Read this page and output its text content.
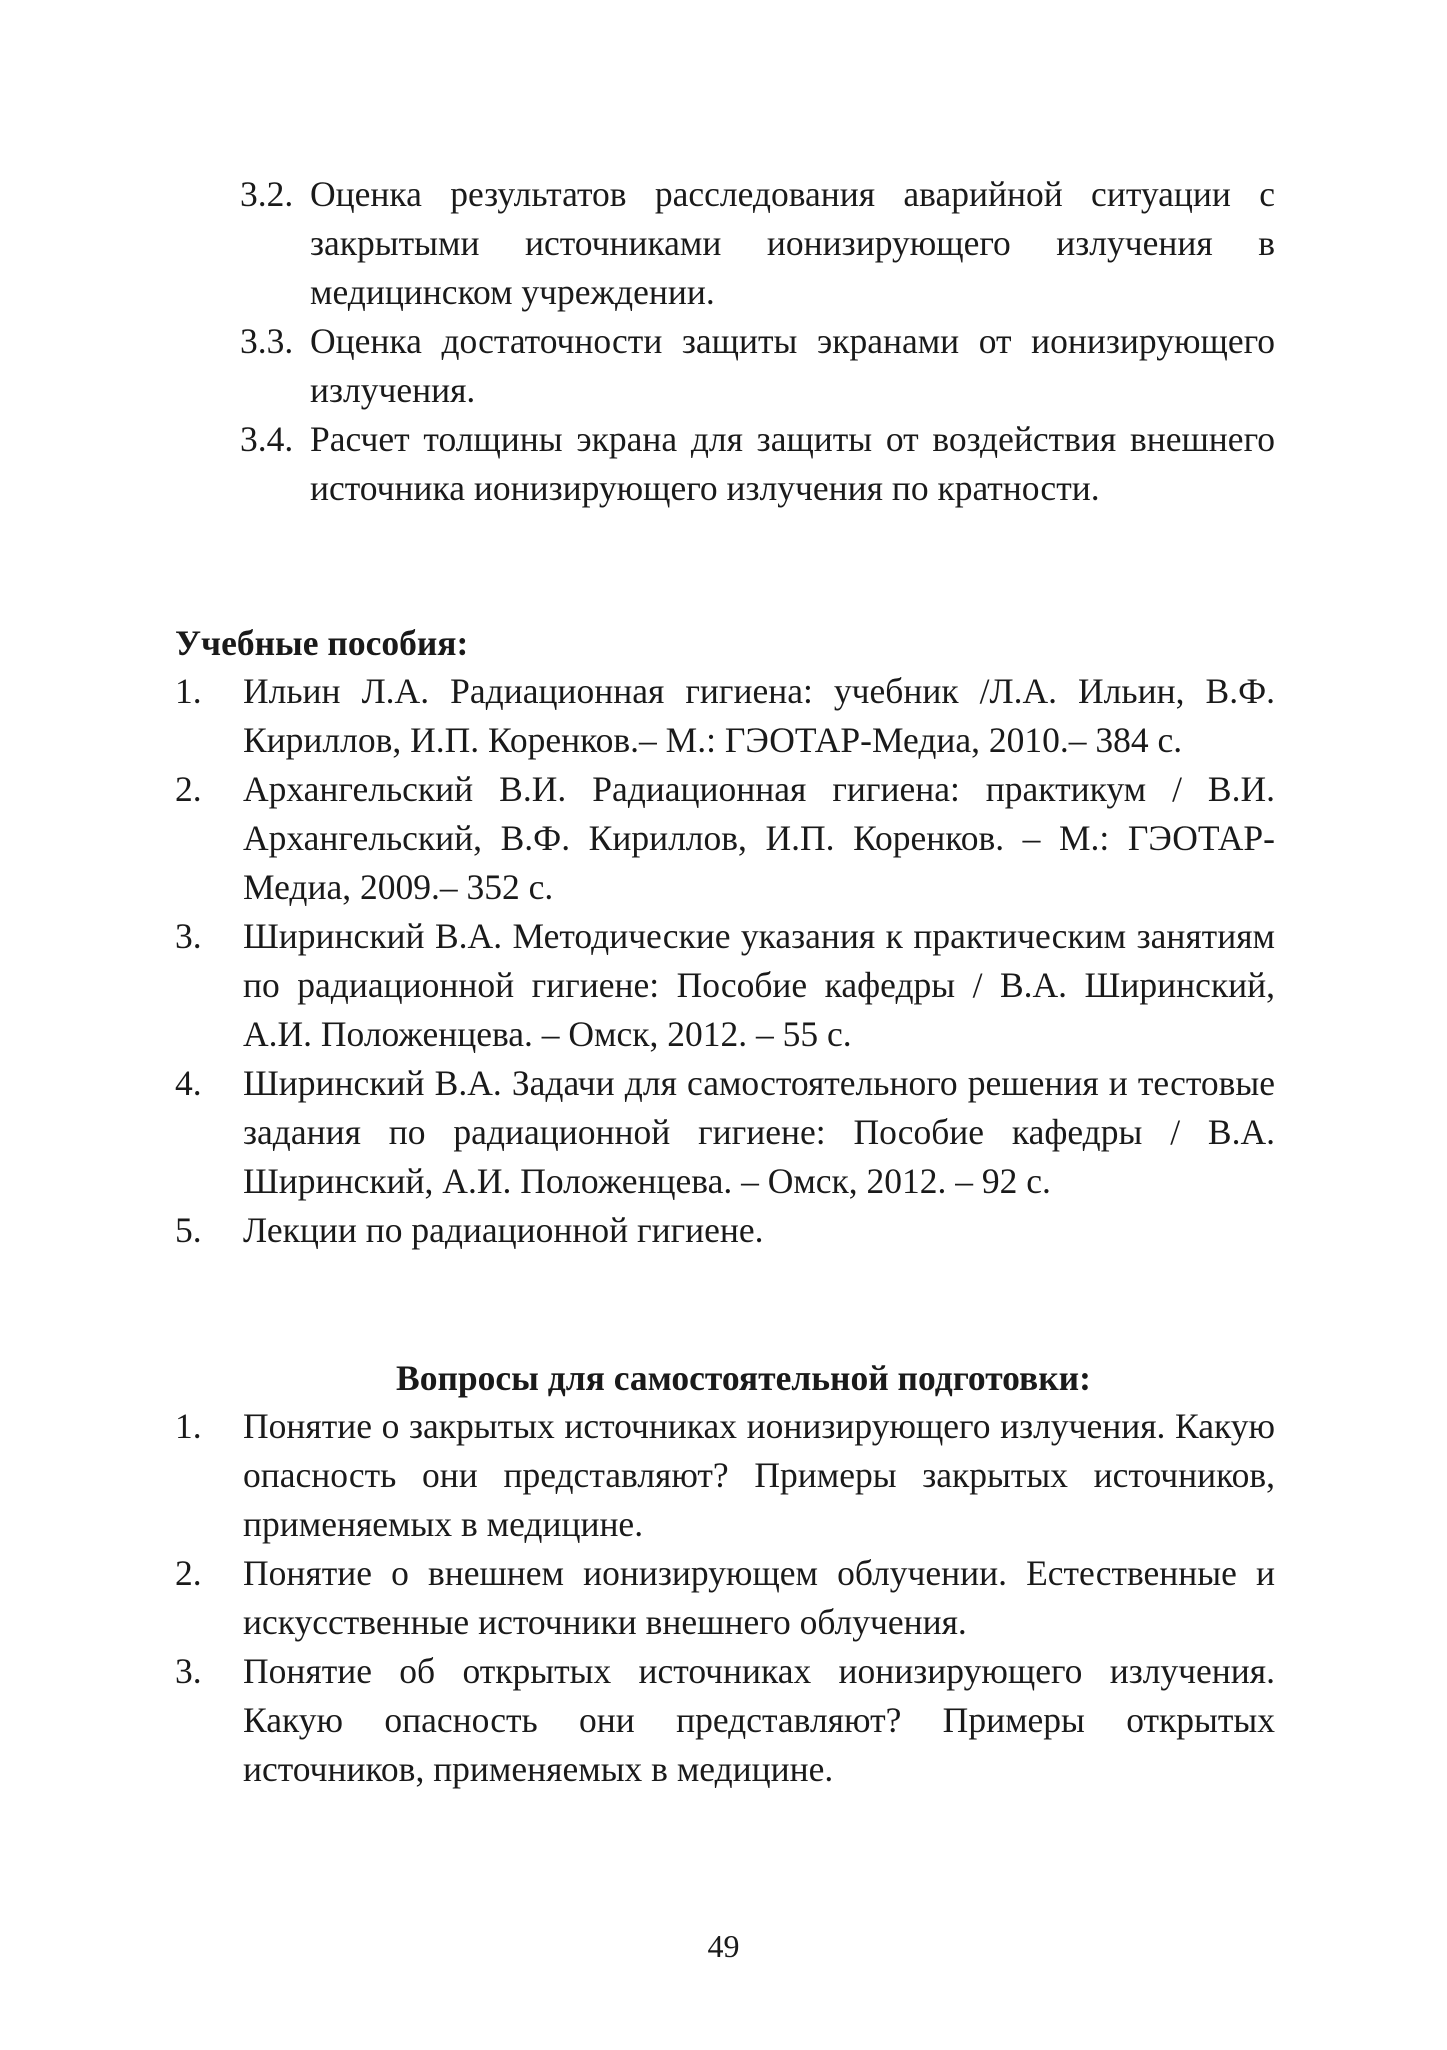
3.2. Оценка результатов расследования аварийной ситуации с закрытыми источниками ионизирующего излучения в медицинском учреждении.
3.3. Оценка достаточности защиты экранами от ионизирующего излучения.
3.4. Расчет толщины экрана для защиты от воздействия внешнего источника ионизирующего излучения по кратности.

Учебные пособия:

1. Ильин Л.А. Радиационная гигиена: учебник /Л.А. Ильин, В.Ф. Кириллов, И.П. Коренков.– М.: ГЭОТАР-Медиа, 2010.– 384 с.
2. Архангельский В.И. Радиационная гигиена: практикум / В.И. Архангельский, В.Ф. Кириллов, И.П. Коренков. – М.: ГЭОТАР-Медиа, 2009.– 352 с.
3. Ширинский В.А. Методические указания к практическим занятиям по радиационной гигиене: Пособие кафедры / В.А. Ширинский, А.И. Положенцева. – Омск, 2012. – 55 с.
4. Ширинский В.А. Задачи для самостоятельного решения и тестовые задания по радиационной гигиене: Пособие кафедры / В.А. Ширинский, А.И. Положенцева. – Омск, 2012. – 92 с.
5. Лекции по радиационной гигиене.

Вопросы для самостоятельной подготовки:

1. Понятие о закрытых источниках ионизирующего излучения. Какую опасность они представляют? Примеры закрытых источников, применяемых в медицине.
2. Понятие о внешнем ионизирующем облучении. Естественные и искусственные источники внешнего облучения.
3. Понятие об открытых источниках ионизирующего излучения. Какую опасность они представляют? Примеры открытых источников, применяемых в медицине.

49
